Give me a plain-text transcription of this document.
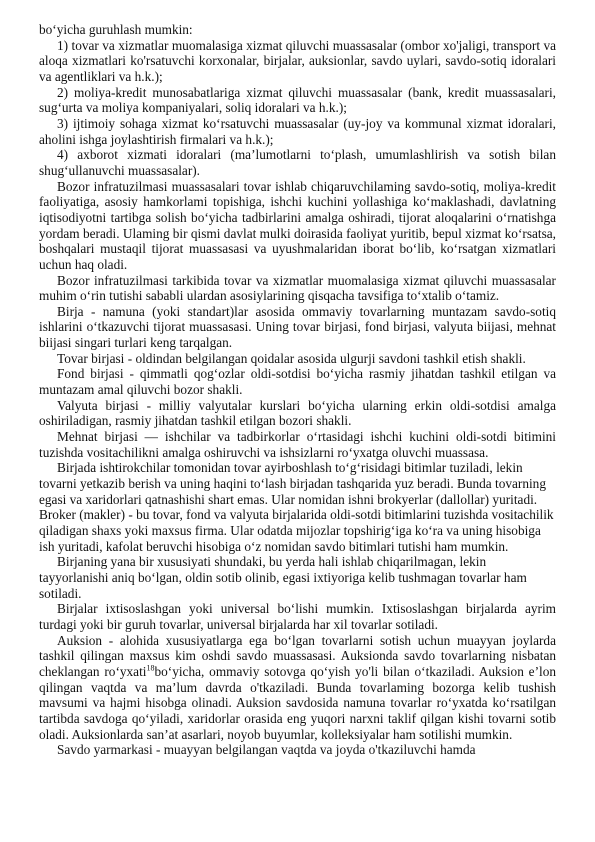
bo‘yicha guruhlash mumkin:

1) tovar va xizmatlar muomalasiga xizmat qiluvchi muassasalar (ombor xo'jaligi, transport va aloqa xizmatlari ko'rsatuvchi korxonalar, birjalar, auksionlar, savdo uylari, savdo-sotiq idoralari va agentliklari va h.k.);

2) moliya-kredit munosabatlariga xizmat qiluvchi muassasalar (bank, kredit muassasalari, sug‘urta va moliya kompaniyalari, soliq idoralari va h.k.);

3) ijtimoiy sohaga xizmat ko‘rsatuvchi muassasalar (uy-joy va kommunal xizmat idoralari, aholini ishga joylashtirish firmalari va h.k.);

4) axborot xizmati idoralari (ma’lumotlarni to‘plash, umumlashlirish va sotish bilan shug‘ullanuvchi muassasalar).

Bozor infratuzilmasi muassasalari tovar ishlab chiqaruvchilaming savdo-sotiq, moliya-kredit faoliyatiga, asosiy hamkorlami topishiga, ishchi kuchini yollashiga ko‘maklashadi, davlatning iqtisodiyotni tartibga solish bo‘yicha tadbirlarini amalga oshiradi, tijorat aloqalarini o‘rnatishga yordam beradi. Ulaming bir qismi davlat mulki doirasida faoliyat yuritib, bepul xizmat ko‘rsatsa, boshqalari mustaqil tijorat muassasasi va uyushmalaridan iborat bo‘lib, ko‘rsatgan xizmatlari uchun haq oladi.

Bozor infratuzilmasi tarkibida tovar va xizmatlar muomalasiga xizmat qiluvchi muassasalar muhim o‘rin tutishi sababli ulardan asosiylarining qisqacha tavsifiga to‘xtalib o‘tamiz.

Birja - namuna (yoki standart)lar asosida ommaviy tovarlarning muntazam savdo-sotiq ishlarini o‘tkazuvchi tijorat muassasasi. Uning tovar birjasi, fond birjasi, valyuta biijasi, mehnat biijasi singari turlari keng tarqalgan.

Tovar birjasi - oldindan belgilangan qoidalar asosida ulgurji savdoni tashkil etish shakli.

Fond birjasi - qimmatli qog‘ozlar oldi-sotdisi bo‘yicha rasmiy jihatdan tashkil etilgan va muntazam amal qiluvchi bozor shakli.

Valyuta birjasi - milliy valyutalar kurslari bo‘yicha ularning erkin oldi-sotdisi amalga oshiriladigan, rasmiy jihatdan tashkil etilgan bozori shakli.

Mehnat birjasi — ishchilar va tadbirkorlar o‘rtasidagi ishchi kuchini oldi-sotdi bitimini tuzishda vositachilikni amalga oshiruvchi va ishsizlarni ro‘yxatga oluvchi muassasa.

Birjada ishtirokchilar tomonidan tovar ayirboshlash to‘g‘risidagi bitimlar tuziladi, lekin tovarni yetkazib berish va uning haqini to‘lash birjadan tashqarida yuz beradi. Bunda tovarning egasi va xaridorlari qatnashishi shart emas. Ular nomidan ishni brokyerlar (dallollar) yuritadi. Broker (makler) - bu tovar, fond va valyuta birjalarida oldi-sotdi bitimlarini tuzishda vositachilik qiladigan shaxs yoki maxsus firma. Ular odatda mijozlar topshirig‘iga ko‘ra va uning hisobiga ish yuritadi, kafolat beruvchi hisobiga o‘z nomidan savdo bitimlari tutishi ham mumkin.

Birjaning yana bir xususiyati shundaki, bu yerda hali ishlab chiqarilmagan, lekin tayyorlanishi aniq bo‘lgan, oldin sotib olinib, egasi ixtiyoriga kelib tushmagan tovarlar ham sotiladi.

Birjalar ixtisoslashgan yoki universal bo‘lishi mumkin. Ixtisoslashgan birjalarda ayrim turdagi yoki bir guruh tovarlar, universal birjalarda har xil tovarlar sotiladi.

Auksion - alohida xususiyatlarga ega bo‘lgan tovarlarni sotish uchun muayyan joylarda tashkil qilingan maxsus kim oshdi savdo muassasasi. Auksionda savdo tovarlarning nisbatan cheklangan ro‘yxati$^{18}$bo‘yicha, ommaviy sotovga qo‘yish yo'li bilan o‘tkaziladi. Auksion e’lon qilingan vaqtda va ma’lum davrda o'tkaziladi. Bunda tovarlaming bozorga kelib tushish mavsumi va hajmi hisobga olinadi. Auksion savdosida namuna tovarlar ro‘yxatda ko‘rsatilgan tartibda savdoga qo‘yiladi, xaridorlar orasida eng yuqori narxni taklif qilgan kishi tovarni sotib oladi. Auksionlarda san’at asarlari, noyob buyumlar, kolleksiyalar ham sotilishi mumkin.

Savdo yarmarkasi - muayyan belgilangan vaqtda va joyda o'tkaziluvchi hamda
